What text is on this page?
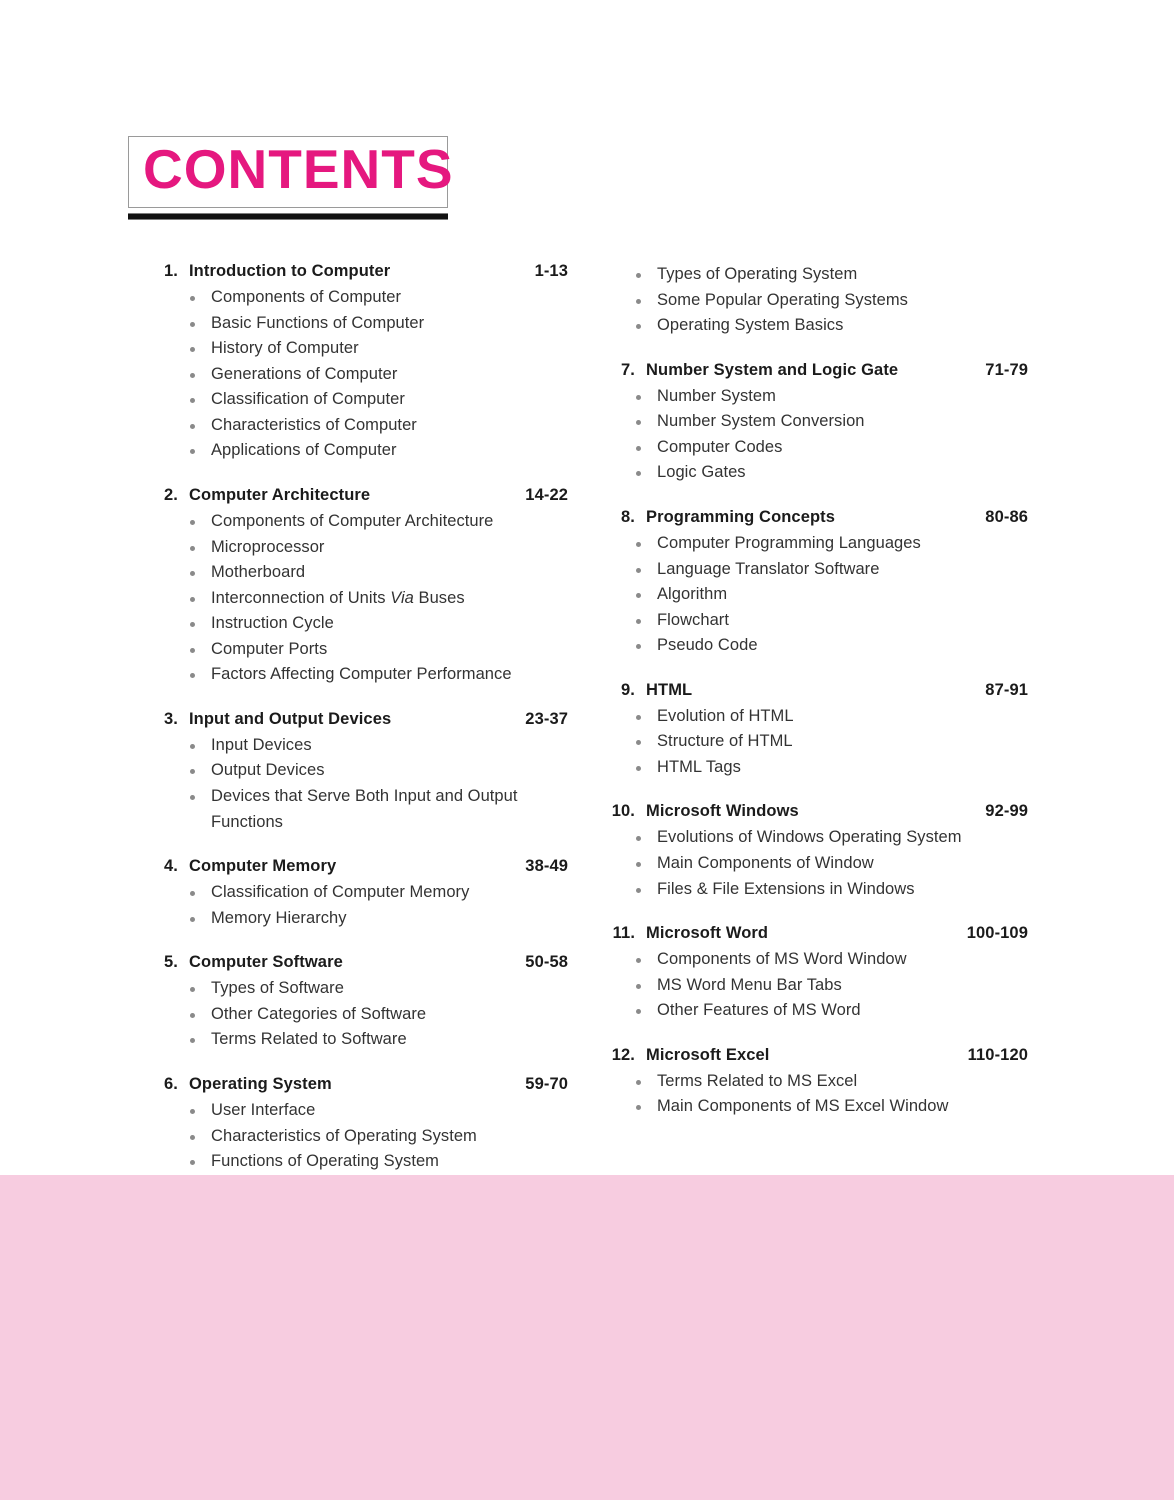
CONTENTS
1. Introduction to Computer	1-13
Components of Computer
Basic Functions of Computer
History of Computer
Generations of Computer
Classification of Computer
Characteristics of Computer
Applications of Computer
2. Computer Architecture	14-22
Components of Computer Architecture
Microprocessor
Motherboard
Interconnection of Units Via Buses
Instruction Cycle
Computer Ports
Factors Affecting Computer Performance
3. Input and Output Devices	23-37
Input Devices
Output Devices
Devices that Serve Both Input and Output Functions
4. Computer Memory	38-49
Classification of Computer Memory
Memory Hierarchy
5. Computer Software	50-58
Types of Software
Other Categories of Software
Terms Related to Software
6. Operating System	59-70
User Interface
Characteristics of Operating System
Functions of Operating System
Types of Operating System
Some Popular Operating Systems
Operating System Basics
7. Number System and Logic Gate	71-79
Number System
Number System Conversion
Computer Codes
Logic Gates
8. Programming Concepts	80-86
Computer Programming Languages
Language Translator Software
Algorithm
Flowchart
Pseudo Code
9. HTML	87-91
Evolution of HTML
Structure of HTML
HTML Tags
10. Microsoft Windows	92-99
Evolutions of Windows Operating System
Main Components of Window
Files & File Extensions in Windows
11. Microsoft Word	100-109
Components of MS Word Window
MS Word Menu Bar Tabs
Other Features of MS Word
12. Microsoft Excel	110-120
Terms Related to MS Excel
Main Components of MS Excel Window
